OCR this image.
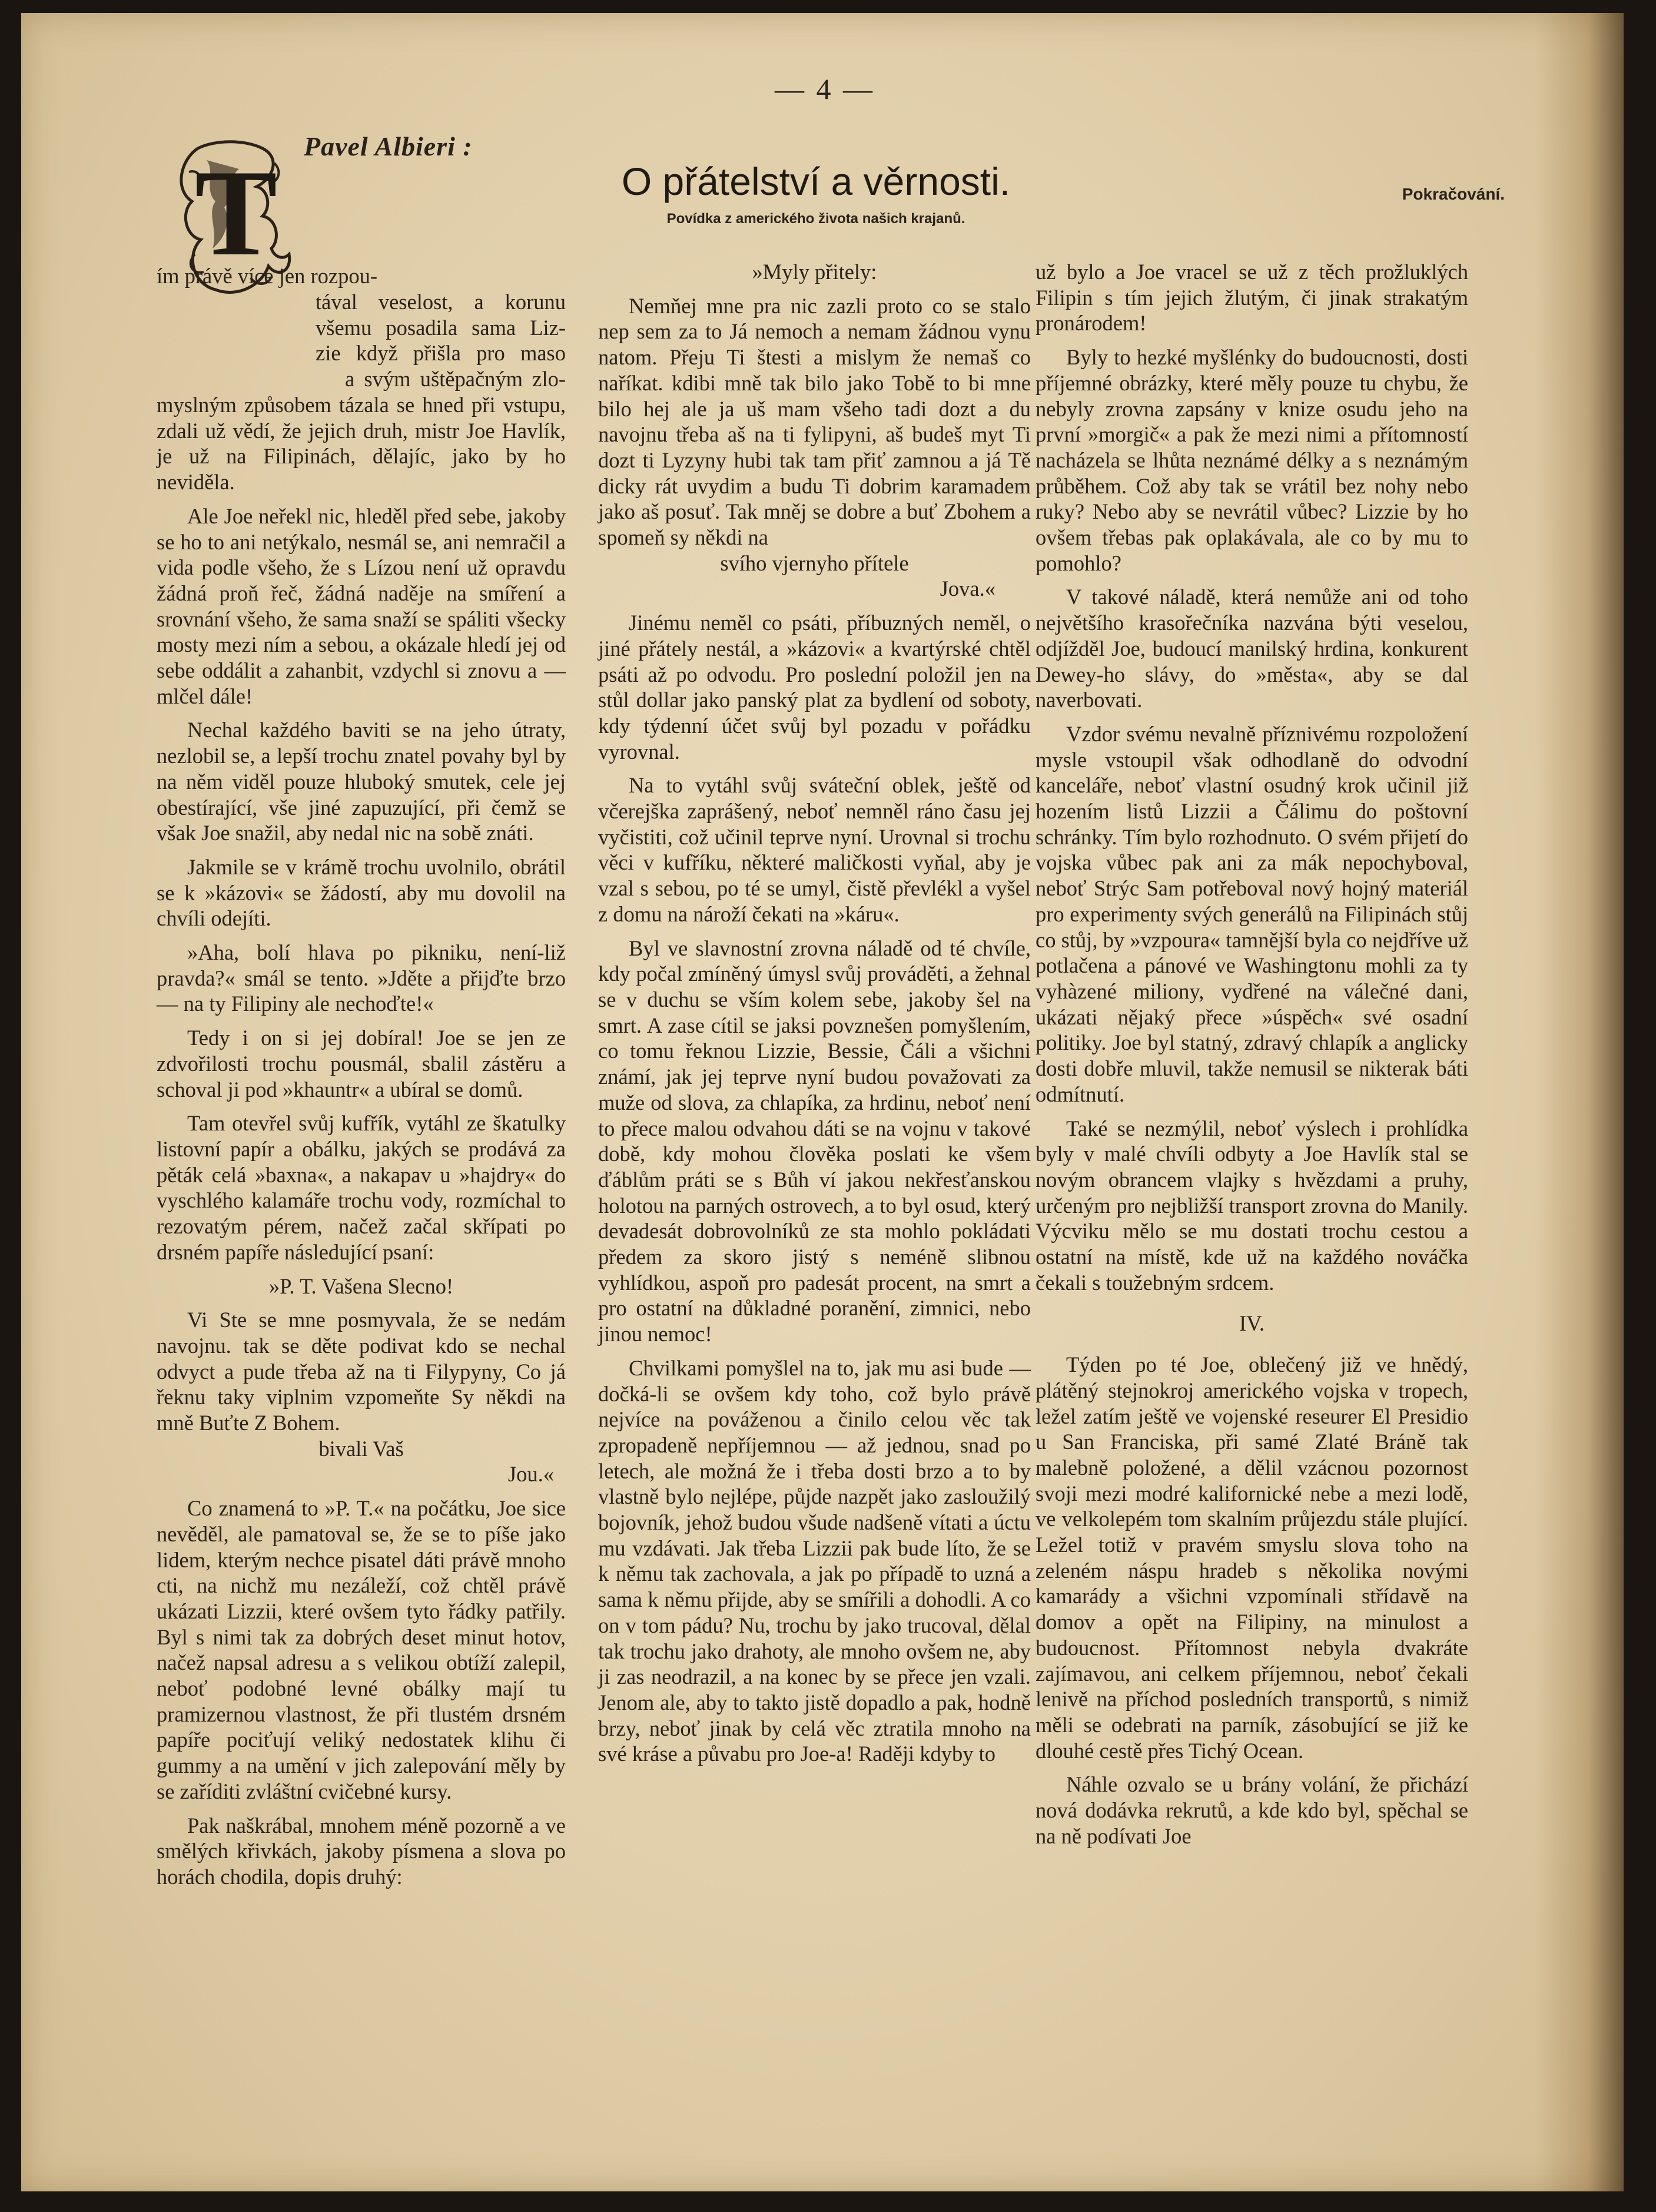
— 4 —
T Pavel Albieri :
O přátelství a věrnosti.
Povídka z amerického života našich krajanů.
Pokračování.

ím právě více jen rozpou-

tával veselost, a korunu

všemu posadila sama Liz-

zie když přišla pro maso

a svým uštěpačným zlo-

myslným způsobem tázala se hned při vstupu, zdali už vědí, že jejich druh, mistr Joe Havlík, je už na Filipinách, dělajíc, jako by ho neviděla.

Ale Joe neřekl nic, hleděl před sebe, jakoby se ho to ani netýkalo, nesmál se, ani nemračil a vida podle všeho, že s Lízou není už opravdu žádná proň řeč, žádná naděje na smíření a srovnání všeho, že sama snaží se spáliti všecky mosty mezi ním a sebou, a okázale hledí jej od sebe oddálit a zahanbit, vzdychl si znovu a — mlčel dále!

Nechal každého baviti se na jeho útraty, nezlobil se, a lepší trochu znatel povahy byl by na něm viděl pouze hluboký smutek, cele jej obestírající, vše jiné zapuzující, při čemž se však Joe snažil, aby nedal nic na sobě znáti.

Jakmile se v krámě trochu uvolnilo, obrátil se k »kázovi« se žádostí, aby mu dovolil na chvíli odejíti.

»Aha, bolí hlava po pikniku, není-liž pravda?« smál se tento. »Jděte a přijďte brzo — na ty Filipiny ale nechoďte!«

Tedy i on si jej dobíral! Joe se jen ze zdvořilosti trochu pousmál, sbalil zástěru a schoval ji pod »khauntr« a ubíral se domů.

Tam otevřel svůj kufřík, vytáhl ze škatulky listovní papír a obálku, jakých se prodává za pěták celá »baxna«, a nakapav u »hajdry« do vyschlého kalamáře trochu vody, rozmíchal to rezovatým pérem, načež začal skřípati po drsném papíře následující psaní:

»P. T. Vašena Slecno!

Vi Ste se mne posmyvala, že se nedám navojnu. tak se děte podivat kdo se nechal odvyct a pude třeba až na ti Filypyny, Co já řeknu taky viplnim vzpomeňte Sy někdi na mně Buťte Z Bohem.

bivali Vaš

Jou.«

Co znamená to »P. T.« na počátku, Joe sice nevěděl, ale pamatoval se, že se to píše jako lidem, kterým nechce pisatel dáti právě mnoho cti, na nichž mu nezáleží, což chtěl právě ukázati Lizzii, které ovšem tyto řádky patřily. Byl s nimi tak za dobrých deset minut hotov, načež napsal adresu a s velikou obtíží zalepil, neboť podobné levné obálky mají tu pramizernou vlastnost, že při tlustém drsném papíře pociťují veliký nedostatek klihu či gummy a na umění v jich zalepování měly by se zaříditi zvláštní cvičebné kursy.

Pak naškrábal, mnohem méně pozorně a ve smělých křivkách, jakoby písmena a slova po horách chodila, dopis druhý:

»Myly přitely:

Nemňej mne pra nic zazli proto co se stalo nep sem za to Já nemoch a nemam žádnou vynu natom. Přeju Ti štesti a mislym že nemaš co naříkat. kdibi mně tak bilo jako Tobě to bi mne bilo hej ale ja uš mam všeho tadi dozt a du navojnu třeba aš na ti fylipyni, aš budeš myt Ti dozt ti Lyzyny hubi tak tam přiť zamnou a já Tě dicky rát uvydim a budu Ti dobrim karamadem jako aš posuť. Tak mněj se dobre a buť Zbohem a spomeň sy někdi na

svího vjernyho přítele

Jova.«

Jinému neměl co psáti, příbuzných neměl, o jiné přátely nestál, a »kázovi« a kvartýrské chtěl psáti až po odvodu. Pro poslední položil jen na stůl dollar jako panský plat za bydlení od soboty, kdy týdenní účet svůj byl pozadu v pořádku vyrovnal.

Na to vytáhl svůj sváteční oblek, ještě od včerejška zaprášený, neboť nemněl ráno času jej vyčistiti, což učinil teprve nyní. Urovnal si trochu věci v kufříku, některé maličkosti vyňal, aby je vzal s sebou, po té se umyl, čistě převlékl a vyšel z domu na nároží čekati na »káru«.

Byl ve slavnostní zrovna náladě od té chvíle, kdy počal zmíněný úmysl svůj prováděti, a žehnal se v duchu se vším kolem sebe, jakoby šel na smrt. A zase cítil se jaksi povznešen pomyšlením, co tomu řeknou Lizzie, Bessie, Čáli a všichni známí, jak jej teprve nyní budou považovati za muže od slova, za chlapíka, za hrdinu, neboť není to přece malou odvahou dáti se na vojnu v takové době, kdy mohou člověka poslati ke všem ďáblům práti se s Bůh ví jakou nekřesťanskou holotou na parných ostrovech, a to byl osud, který devadesát dobrovolníků ze sta mohlo pokládati předem za skoro jistý s neméně slibnou vyhlídkou, aspoň pro padesát procent, na smrt a pro ostatní na důkladné poranění, zimnici, nebo jinou nemoc!

Chvilkami pomyšlel na to, jak mu asi bude — dočká-li se ovšem kdy toho, což bylo právě nejvíce na pováženou a činilo celou věc tak zpropadeně nepříjemnou — až jednou, snad po letech, ale možná že i třeba dosti brzo a to by vlastně bylo nejlépe, půjde nazpět jako zasloužilý bojovník, jehož budou všude nadšeně vítati a úctu mu vzdávati. Jak třeba Lizzii pak bude líto, že se k němu tak zachovala, a jak po případě to uzná a sama k němu přijde, aby se smířili a dohodli. A co on v tom pádu? Nu, trochu by jako trucoval, dělal tak trochu jako drahoty, ale mnoho ovšem ne, aby ji zas neodrazil, a na konec by se přece jen vzali. Jenom ale, aby to takto jistě dopadlo a pak, hodně brzy, neboť jinak by celá věc ztratila mnoho na své kráse a půvabu pro Joe-a! Raději kdyby to

už bylo a Joe vracel se už z těch prožluklých Filipin s tím jejich žlutým, či jinak strakatým pronárodem!

Byly to hezké myšlénky do budoucnosti, dosti příjemné obrázky, které měly pouze tu chybu, že nebyly zrovna zapsány v knize osudu jeho na první »morgič« a pak že mezi nimi a přítomností nacházela se lhůta neznámé délky a s neznámým průběhem. Což aby tak se vrátil bez nohy nebo ruky? Nebo aby se nevrátil vůbec? Lizzie by ho ovšem třebas pak oplakávala, ale co by mu to pomohlo?

V takové náladě, která nemůže ani od toho největšího krasořečníka nazvána býti veselou, odjížděl Joe, budoucí manilský hrdina, konkurent Dewey-ho slávy, do »města«, aby se dal naverbovati.

Vzdor svému nevalně příznivému rozpoložení mysle vstoupil však odhodlaně do odvodní kanceláře, neboť vlastní osudný krok učinil již hozením listů Lizzii a Čálimu do poštovní schránky. Tím bylo rozhodnuto. O svém přijetí do vojska vůbec pak ani za mák nepochyboval, neboť Strýc Sam potřeboval nový hojný materiál pro experimenty svých generálů na Filipinách stůj co stůj, by »vzpoura« tamnější byla co nejdříve už potlačena a pánové ve Washingtonu mohli za ty vyhàzené miliony, vydřené na válečné dani, ukázati nějaký přece »úspěch« své osadní politiky. Joe byl statný, zdravý chlapík a anglicky dosti dobře mluvil, takže nemusil se nikterak báti odmítnutí.

Také se nezmýlil, neboť výslech i prohlídka byly v malé chvíli odbyty a Joe Havlík stal se novým obrancem vlajky s hvězdami a pruhy, určeným pro nejbližší transport zrovna do Manily. Výcviku mělo se mu dostati trochu cestou a ostatní na místě, kde už na každého nováčka čekali s toužebným srdcem.

IV.

Týden po té Joe, oblečený již ve hnědý, plátěný stejnokroj amerického vojska v tropech, ležel zatím ještě ve vojenské reseurer El Presidio u San Franciska, při samé Zlaté Bráně tak malebně položené, a dělil vzácnou pozornost svoji mezi modré kalifornické nebe a mezi lodě, ve velkolepém tom skalním průjezdu stále plující. Ležel totiž v pravém smyslu slova toho na zeleném náspu hradeb s několika novými kamarády a všichni vzpomínali střídavě na domov a opět na Filipiny, na minulost a budoucnost. Přítomnost nebyla dvakráte zajímavou, ani celkem příjemnou, neboť čekali lenivě na příchod posledních transportů, s nimiž měli se odebrati na parník, zásobující se již ke dlouhé cestě přes Tichý Ocean.

Náhle ozvalo se u brány volání, že přichází nová dodávka rekrutů, a kde kdo byl, spěchal se na ně podívati Joe
